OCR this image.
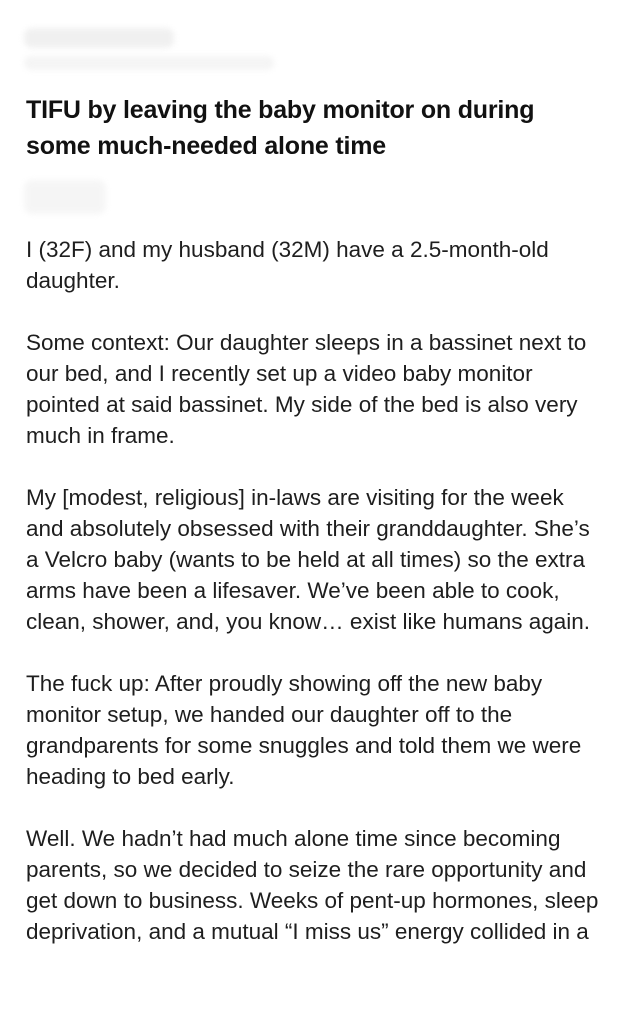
TIFU by leaving the baby monitor on during some much-needed alone time

I (32F) and my husband (32M) have a 2.5-month-old daughter.

Some context: Our daughter sleeps in a bassinet next to our bed, and I recently set up a video baby monitor pointed at said bassinet. My side of the bed is also very much in frame.

My [modest, religious] in-laws are visiting for the week and absolutely obsessed with their granddaughter. She’s a Velcro baby (wants to be held at all times) so the extra arms have been a lifesaver. We’ve been able to cook, clean, shower, and, you know… exist like humans again.

The fuck up: After proudly showing off the new baby monitor setup, we handed our daughter off to the grandparents for some snuggles and told them we were heading to bed early.

Well. We hadn’t had much alone time since becoming parents, so we decided to seize the rare opportunity and get down to business. Weeks of pent-up hormones, sleep deprivation, and a mutual “I miss us” energy collided in a
